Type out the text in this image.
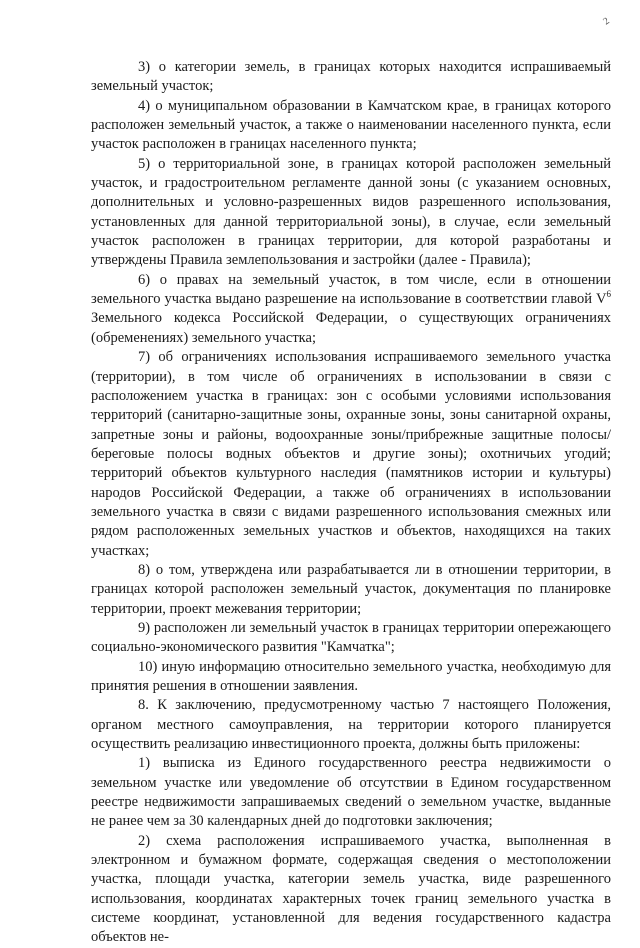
2

3) о категории земель, в границах которых находится испрашиваемый земельный участок;

4) о муниципальном образовании в Камчатском крае, в границах которого расположен земельный участок, а также о наименовании населенного пункта, если участок расположен в границах населенного пункта;

5) о территориальной зоне, в границах которой расположен земельный участок, и градостроительном регламенте данной зоны (с указанием основных, дополнительных и условно-разрешенных видов разрешенного использования, установленных для данной территориальной зоны), в случае, если земельный участок расположен в границах территории, для которой разработаны и утверждены Правила землепользования и застройки (далее - Правила);

6) о правах на земельный участок, в том числе, если в отношении земельного участка выдано разрешение на использование в соответствии главой V$^6$ Земельного кодекса Российской Федерации, о существующих ограничениях (обременениях) земельного участка;

7) об ограничениях использования испрашиваемого земельного участка (территории), в том числе об ограничениях в использовании в связи с расположением участка в границах: зон с особыми условиями использования территорий (санитарно-защитные зоны, охранные зоны, зоны санитарной охраны, запретные зоны и районы, водоохранные зоны/прибрежные защитные полосы/береговые полосы водных объектов и другие зоны); охотничьих угодий; территорий объектов культурного наследия (памятников истории и культуры) народов Российской Федерации, а также об ограничениях в использовании земельного участка в связи с видами разрешенного использования смежных или рядом расположенных земельных участков и объектов, находящихся на таких участках;

8) о том, утверждена или разрабатывается ли в отношении территории, в границах которой расположен земельный участок, документация по планировке территории, проект межевания территории;

9) расположен ли земельный участок в границах территории опережающего социально-экономического развития "Камчатка";

10) иную информацию относительно земельного участка, необходимую для принятия решения в отношении заявления.

8. К заключению, предусмотренному частью 7 настоящего Положения, органом местного самоуправления, на территории которого планируется осуществить реализацию инвестиционного проекта, должны быть приложены:

1) выписка из Единого государственного реестра недвижимости о земельном участке или уведомление об отсутствии в Едином государственном реестре недвижимости запрашиваемых сведений о земельном участке, выданные не ранее чем за 30 календарных дней до подготовки заключения;

2) схема расположения испрашиваемого участка, выполненная в электронном и бумажном формате, содержащая сведения о местоположении участка, площади участка, категории земель участка, виде разрешенного использования, координатах характерных точек границ земельного участка в системе координат, установленной для ведения государственного кадастра объектов не-
